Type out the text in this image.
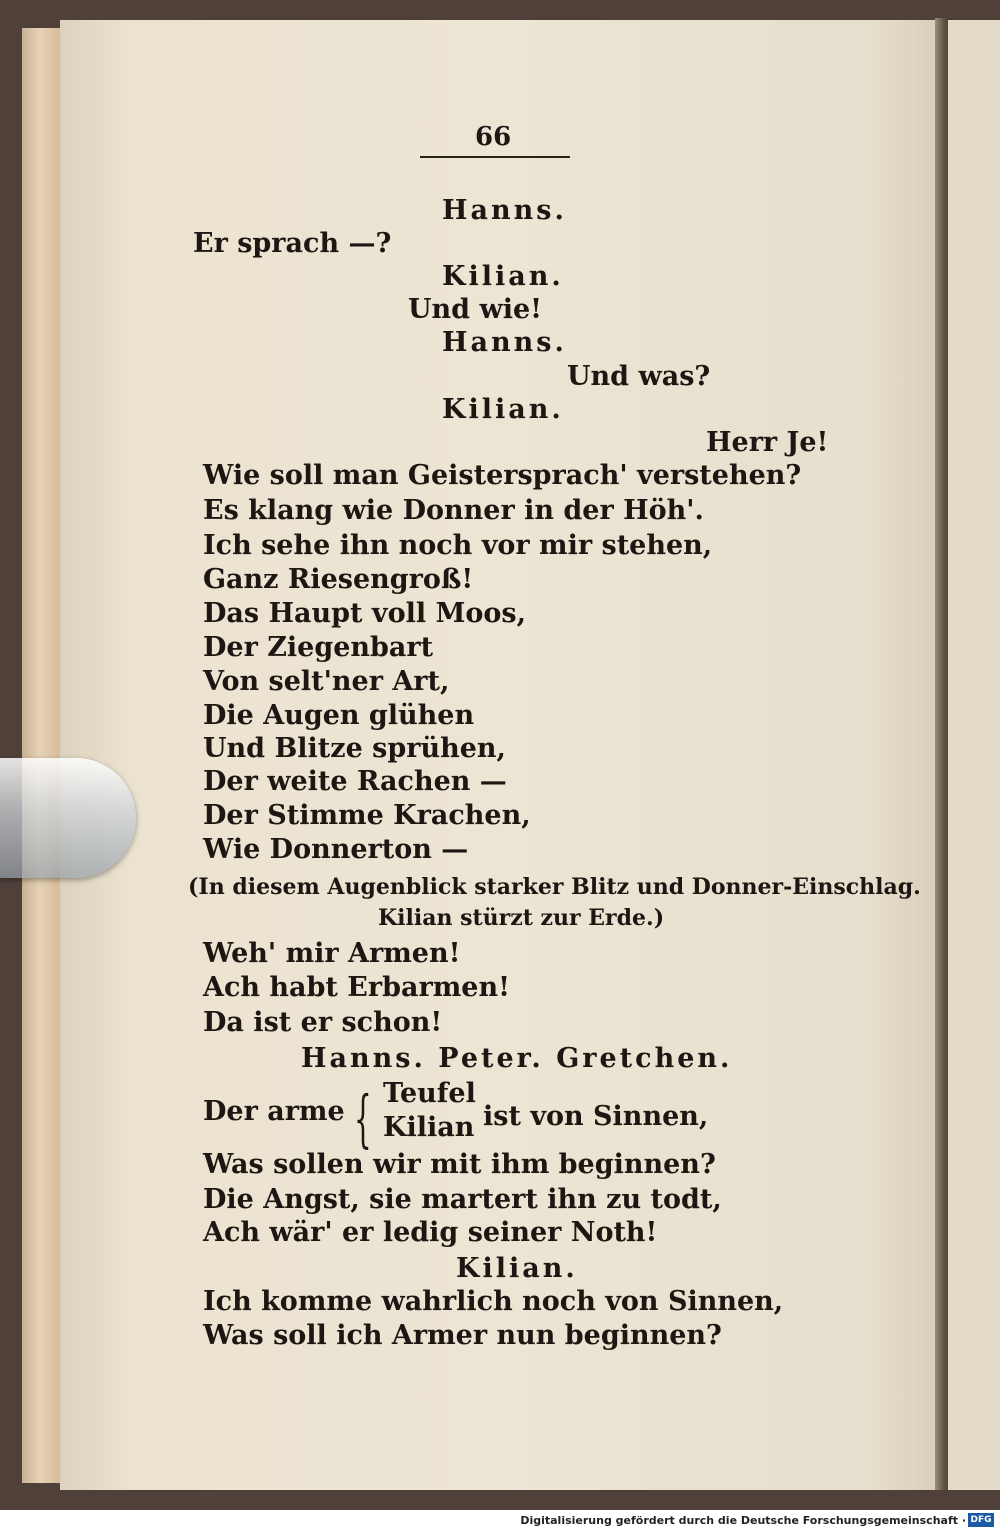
66
Hanns.
Er sprach —?
Kilian.
Und wie!
Hanns.
Und was?
Kilian.
Herr Je!
Wie soll man Geistersprach' verstehen?
Es klang wie Donner in der Höh'.
Ich sehe ihn noch vor mir stehen,
Ganz Riesengroß!
Das Haupt voll Moos,
Der Ziegenbart
Von selt'ner Art,
Die Augen glühen
Und Blitze sprühen,
Der weite Rachen —
Der Stimme Krachen,
Wie Donnerton —
(In diesem Augenblick starker Blitz und Donner-Einschlag.
Kilian stürzt zur Erde.)
Weh' mir Armen!
Ach habt Erbarmen!
Da ist er schon!
Hanns. Peter. Gretchen.
Der arme { Teufel
Kilian ist von Sinnen,
Was sollen wir mit ihm beginnen?
Die Angst, sie martert ihn zu todt,
Ach wär' er ledig seiner Noth!
Kilian.
Ich komme wahrlich noch von Sinnen,
Was soll ich Armer nun beginnen?
Digitalisierung gefördert durch die Deutsche Forschungsgemeinschaft · DFG
